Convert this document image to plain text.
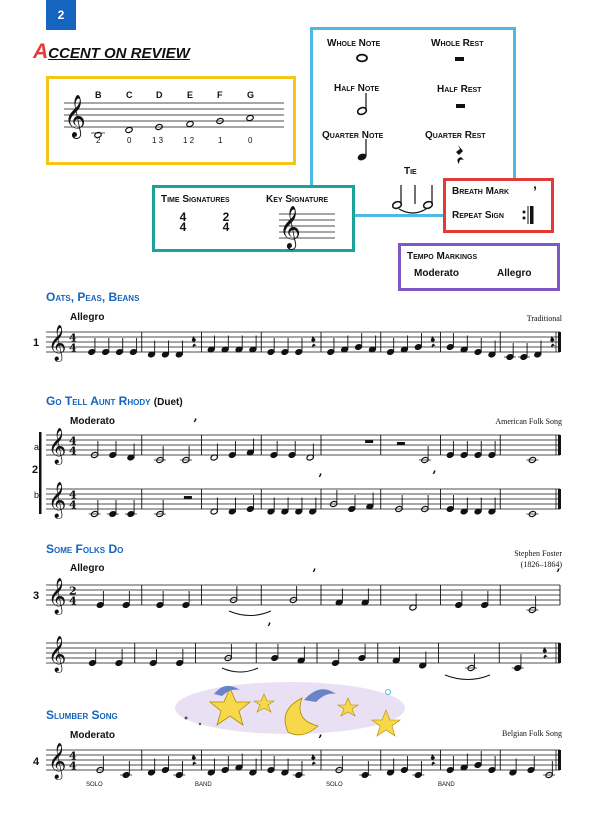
2
ACCENT ON REVIEW
𝄞 B	C	D	E	F	G
2	0	1 3 1 2	1	0
Whole Note	Whole Rest
Half Note	Half Rest
Quarter Note	Quarter Rest
Tie
Time Signatures	Key Signature
4
4
2
4 𝄞
Breath Mark ’
Repeat Sign
Tempo Markings
Moderato	Allegro
Oats, Peas, Beans
Allegro	Traditional
1
Go Tell Aunt Rhody (Duet)
Moderato	American Folk Song
a
2
b
Some Folks Do
Allegro
Stephen Foster
(1826–1864)
3
Slumber Song
Moderato	Belgian Folk Song
4
SOLO	BAND	SOLO	BAND
𝄞 4
4
𝄞 4
4
𝄞 4
4
𝄞 2
4
𝄞
𝄞 4
4
’
’	’
’	’
’
’
